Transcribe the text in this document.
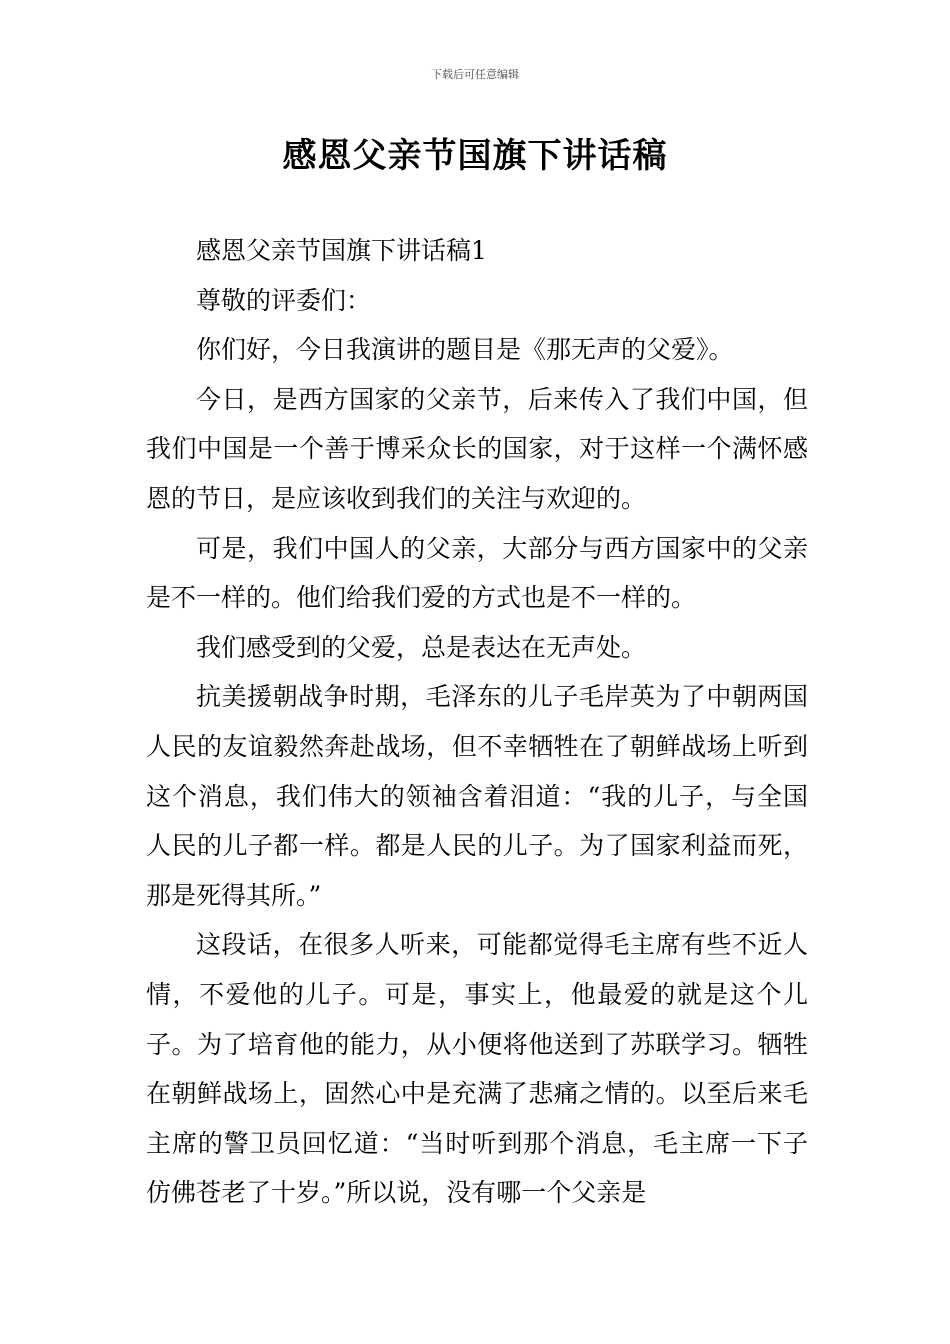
下载后可任意编辑
感恩父亲节国旗下讲话稿

感恩父亲节国旗下讲话稿1

尊敬的评委们：

你们好，今日我演讲的题目是《那无声的父爱》。

今日，是西方国家的父亲节，后来传入了我们中国，但我们中国是一个善于博采众长的国家，对于这样一个满怀感恩的节日，是应该收到我们的关注与欢迎的。

可是，我们中国人的父亲，大部分与西方国家中的父亲是不一样的。他们给我们爱的方式也是不一样的。

我们感受到的父爱，总是表达在无声处。

抗美援朝战争时期，毛泽东的儿子毛岸英为了中朝两国人民的友谊毅然奔赴战场，但不幸牺牲在了朝鲜战场上听到这个消息，我们伟大的领袖含着泪道：“我的儿子，与全国人民的儿子都一样。都是人民的儿子。为了国家利益而死，那是死得其所。”

这段话，在很多人听来，可能都觉得毛主席有些不近人情，不爱他的儿子。可是，事实上，他最爱的就是这个儿子。为了培育他的能力，从小便将他送到了苏联学习。牺牲在朝鲜战场上，固然心中是充满了悲痛之情的。以至后来毛主席的警卫员回忆道：“当时听到那个消息，毛主席一下子仿佛苍老了十岁。”所以说，没有哪一个父亲是
